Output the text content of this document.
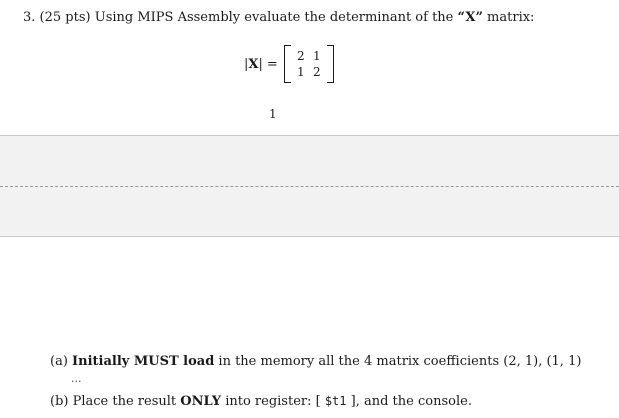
3. (25 pts) Using MIPS Assembly evaluate the determinant of the “X” matrix:
|X| =
2 1
1 2
1
(a) Initially MUST load in the memory all the 4 matrix coefficients (2, 1), (1, 1)
...
(b) Place the result ONLY into register: [ $t1 ], and the console.
